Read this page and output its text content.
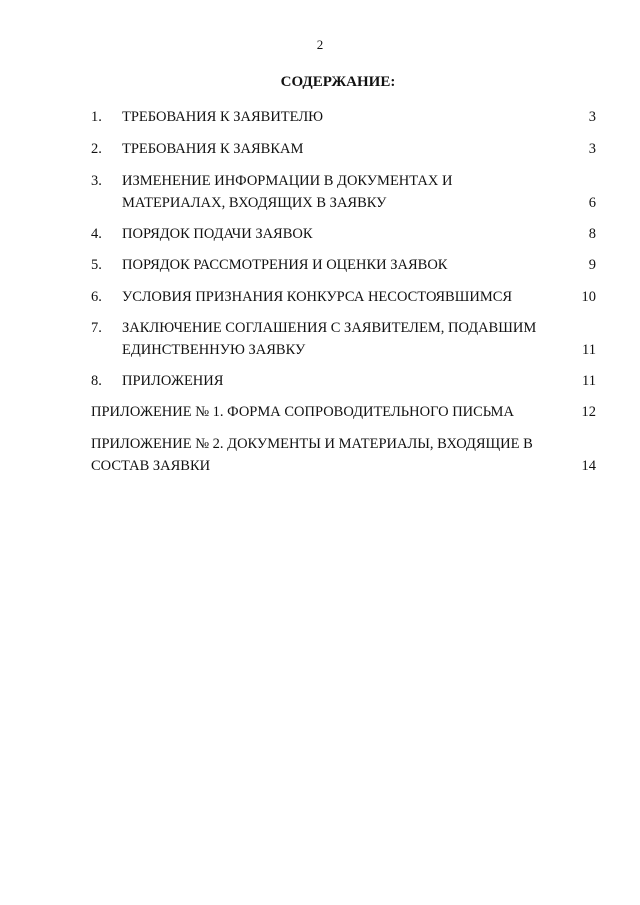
2
СОДЕРЖАНИЕ:
1. ТРЕБОВАНИЯ К ЗАЯВИТЕЛЮ	3
2. ТРЕБОВАНИЯ К ЗАЯВКАМ	3
3. ИЗМЕНЕНИЕ ИНФОРМАЦИИ В ДОКУМЕНТАХ И МАТЕРИАЛАХ, ВХОДЯЩИХ В ЗАЯВКУ	6
4. ПОРЯДОК ПОДАЧИ ЗАЯВОК	8
5. ПОРЯДОК РАССМОТРЕНИЯ И ОЦЕНКИ ЗАЯВОК	9
6. УСЛОВИЯ ПРИЗНАНИЯ КОНКУРСА НЕСОСТОЯВШИМСЯ	10
7. ЗАКЛЮЧЕНИЕ СОГЛАШЕНИЯ С ЗАЯВИТЕЛЕМ, ПОДАВШИМ ЕДИНСТВЕННУЮ ЗАЯВКУ	11
8. ПРИЛОЖЕНИЯ	11
ПРИЛОЖЕНИЕ № 1. ФОРМА СОПРОВОДИТЕЛЬНОГО ПИСЬМА	12
ПРИЛОЖЕНИЕ № 2. ДОКУМЕНТЫ И МАТЕРИАЛЫ, ВХОДЯЩИЕ В СОСТАВ ЗАЯВКИ	14
